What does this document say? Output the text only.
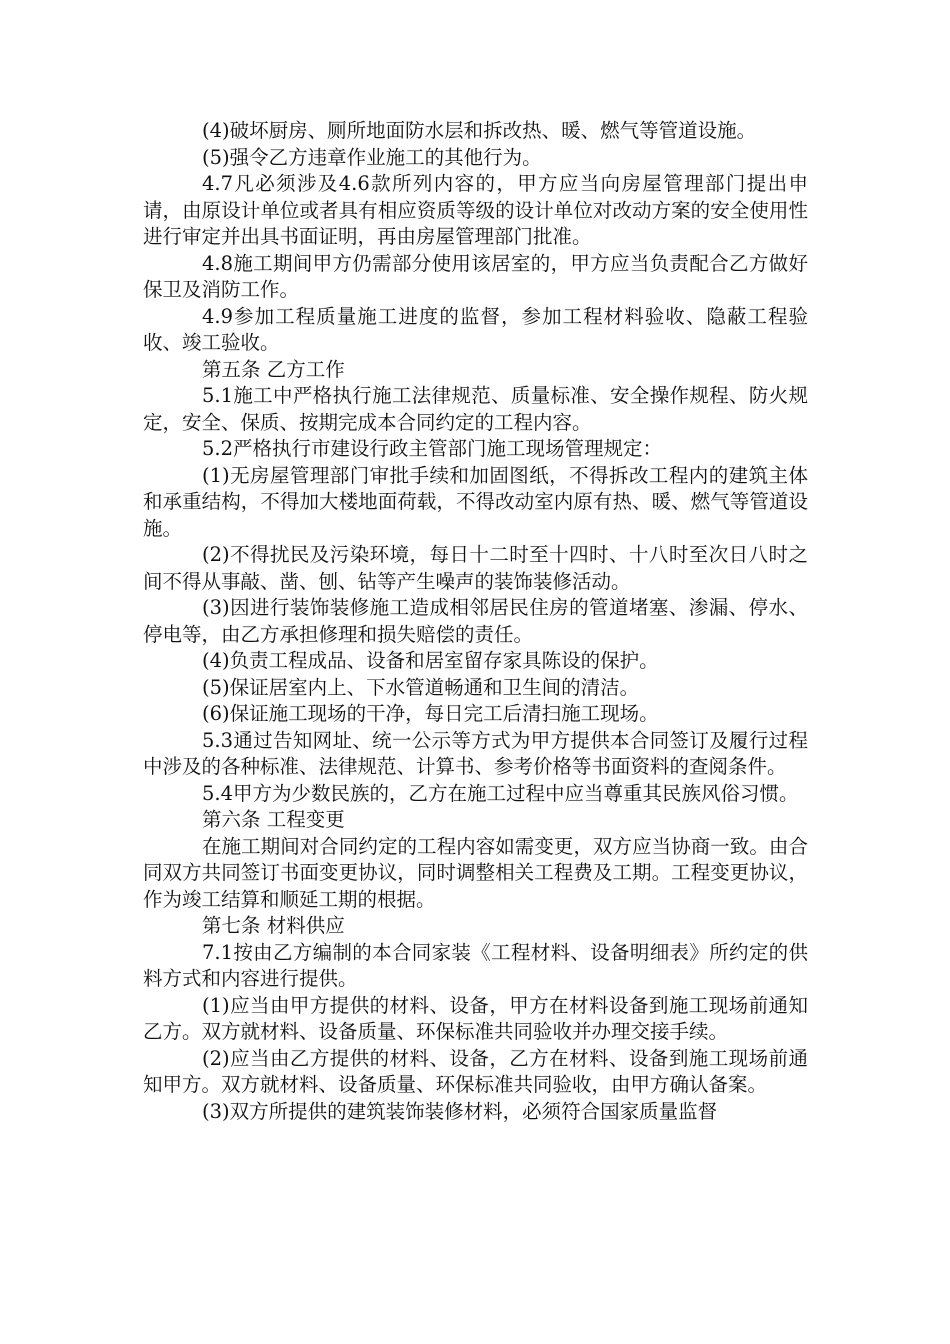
(4)破坏厨房、厕所地面防水层和拆改热、暖、燃气等管道设施。

(5)强令乙方违章作业施工的其他行为。

4.7凡必须涉及4.6款所列内容的，甲方应当向房屋管理部门提出申请，由原设计单位或者具有相应资质等级的设计单位对改动方案的安全使用性进行审定并出具书面证明，再由房屋管理部门批准。

4.8施工期间甲方仍需部分使用该居室的，甲方应当负责配合乙方做好保卫及消防工作。

4.9参加工程质量施工进度的监督，参加工程材料验收、隐蔽工程验收、竣工验收。

第五条 乙方工作

5.1施工中严格执行施工法律规范、质量标准、安全操作规程、防火规定，安全、保质、按期完成本合同约定的工程内容。

5.2严格执行市建设行政主管部门施工现场管理规定：

(1)无房屋管理部门审批手续和加固图纸，不得拆改工程内的建筑主体和承重结构，不得加大楼地面荷载，不得改动室内原有热、暖、燃气等管道设施。

(2)不得扰民及污染环境，每日十二时至十四时、十八时至次日八时之间不得从事敲、凿、刨、钻等产生噪声的装饰装修活动。

(3)因进行装饰装修施工造成相邻居民住房的管道堵塞、渗漏、停水、停电等，由乙方承担修理和损失赔偿的责任。

(4)负责工程成品、设备和居室留存家具陈设的保护。

(5)保证居室内上、下水管道畅通和卫生间的清洁。

(6)保证施工现场的干净，每日完工后清扫施工现场。

5.3通过告知网址、统一公示等方式为甲方提供本合同签订及履行过程中涉及的各种标准、法律规范、计算书、参考价格等书面资料的查阅条件。

5.4甲方为少数民族的，乙方在施工过程中应当尊重其民族风俗习惯。

第六条 工程变更

在施工期间对合同约定的工程内容如需变更，双方应当协商一致。由合同双方共同签订书面变更协议，同时调整相关工程费及工期。工程变更协议，作为竣工结算和顺延工期的根据。

第七条 材料供应

7.1按由乙方编制的本合同家装《工程材料、设备明细表》所约定的供料方式和内容进行提供。

(1)应当由甲方提供的材料、设备，甲方在材料设备到施工现场前通知乙方。双方就材料、设备质量、环保标准共同验收并办理交接手续。

(2)应当由乙方提供的材料、设备，乙方在材料、设备到施工现场前通知甲方。双方就材料、设备质量、环保标准共同验收，由甲方确认备案。

(3)双方所提供的建筑装饰装修材料，必须符合国家质量监督
